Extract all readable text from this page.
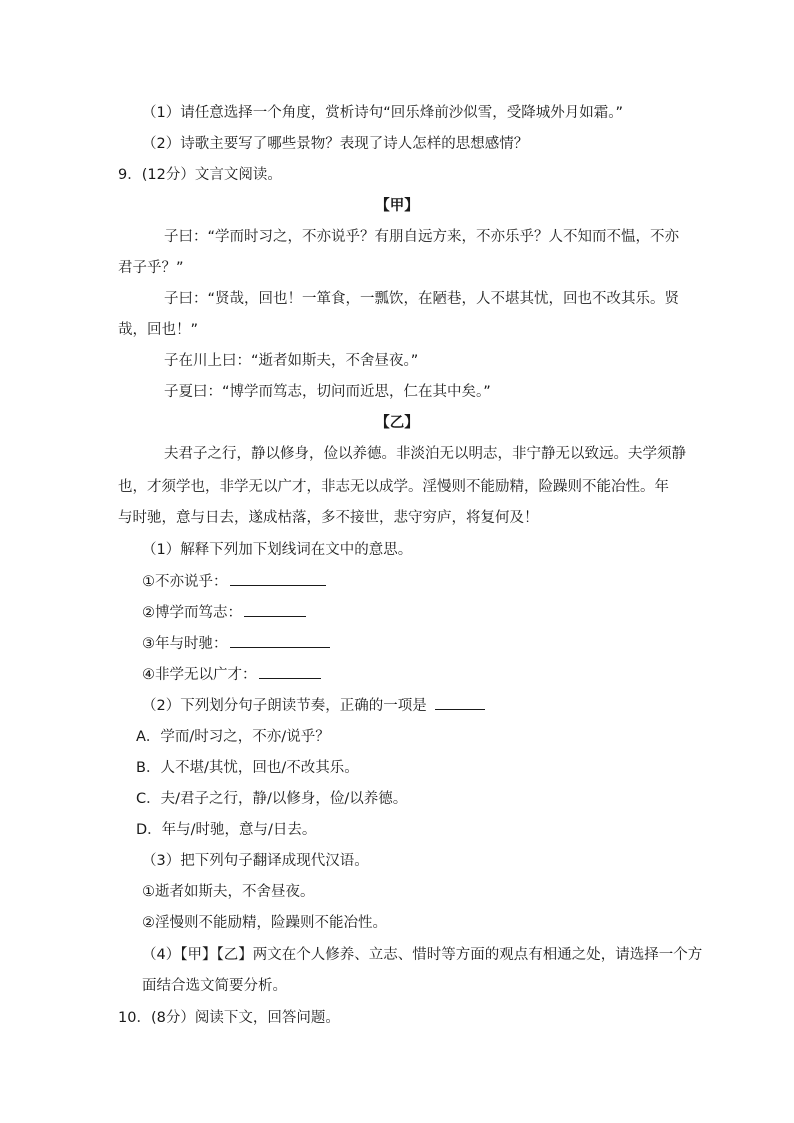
（1）请任意选择一个角度，赏析诗句“回乐烽前沙似雪，受降城外月如霜。”
（2）诗歌主要写了哪些景物？表现了诗人怎样的思想感情？
9．(12分）文言文阅读。
【甲】
子曰：“学而时习之，不亦说乎？有朋自远方来，不亦乐乎？人不知而不愠，不亦
君子乎？”
子曰：“贤哉，回也！一箪食，一瓢饮，在陋巷，人不堪其忧，回也不改其乐。贤
哉，回也！”
子在川上曰：“逝者如斯夫，不舍昼夜。”
子夏曰：“博学而笃志，切问而近思，仁在其中矣。”
【乙】
夫君子之行，静以修身，俭以养德。非淡泊无以明志，非宁静无以致远。夫学须静
也，才须学也，非学无以广才，非志无以成学。淫慢则不能励精，险躁则不能冶性。年
与时驰，意与日去，遂成枯落，多不接世，悲守穷庐，将复何及！
（1）解释下列加下划线词在文中的意思。
①不亦说乎：
②博学而笃志：
③年与时驰：
④非学无以广才：
（2）下列划分句子朗读节奏，正确的一项是
A．学而/时习之，不亦/说乎？
B．人不堪/其忧，回也/不改其乐。
C．夫/君子之行，静/以修身，俭/以养德。
D．年与/时驰，意与/日去。
（3）把下列句子翻译成现代汉语。
①逝者如斯夫，不舍昼夜。
②淫慢则不能励精，险躁则不能冶性。
（4）【甲】【乙】两文在个人修养、立志、惜时等方面的观点有相通之处，请选择一个方
面结合选文简要分析。
10．(8分）阅读下文，回答问题。
